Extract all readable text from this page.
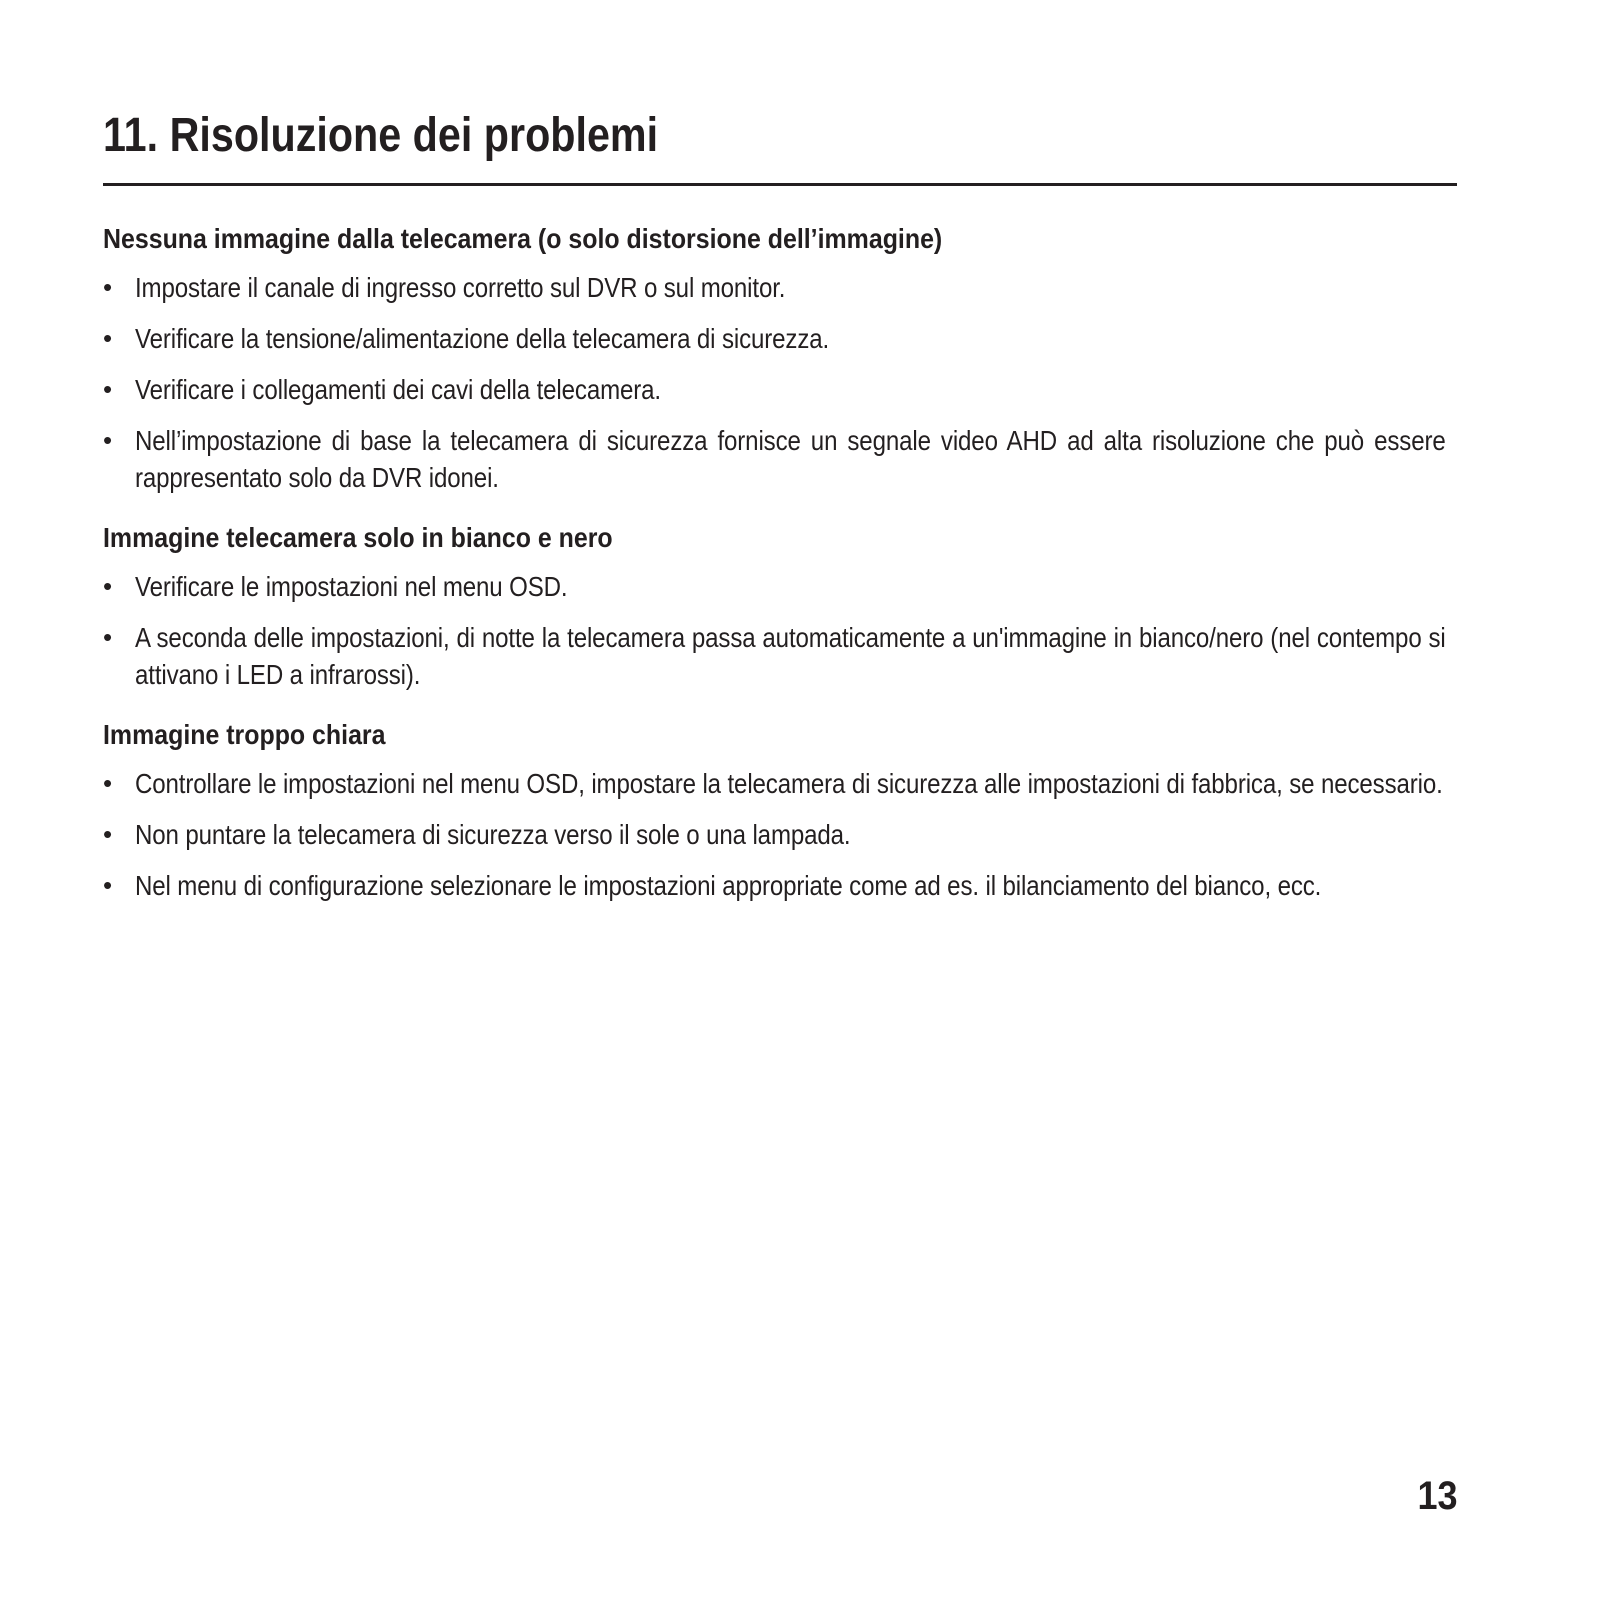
11. Risoluzione dei problemi
Nessuna immagine dalla telecamera (o solo distorsione dell’immagine)
• Impostare il canale di ingresso corretto sul DVR o sul monitor.
• Verificare la tensione/alimentazione della telecamera di sicurezza.
• Verificare i collegamenti dei cavi della telecamera.
• Nell’impostazione di base la telecamera di sicurezza fornisce un segnale video AHD ad alta risoluzione che può essere rappresentato solo da DVR idonei.
Immagine telecamera solo in bianco e nero
• Verificare le impostazioni nel menu OSD.
• A seconda delle impostazioni, di notte la telecamera passa automaticamente a un'immagine in bianco/nero (nel contempo si attivano i LED a infrarossi).
Immagine troppo chiara
• Controllare le impostazioni nel menu OSD, impostare la telecamera di sicurezza alle impostazioni di fabbrica, se necessario.
• Non puntare la telecamera di sicurezza verso il sole o una lampada.
• Nel menu di configurazione selezionare le impostazioni appropriate come ad es. il bilanciamento del bianco, ecc.
13
